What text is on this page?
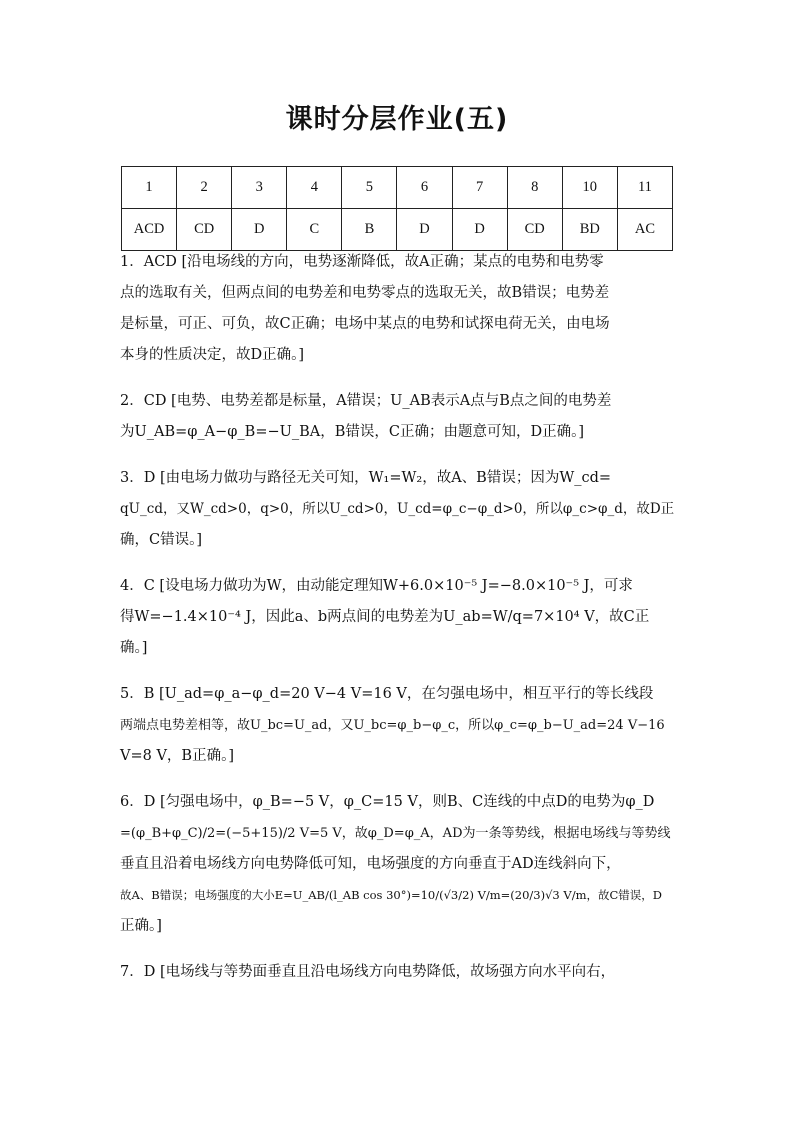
课时分层作业(五)
1	2	3	4	5	6	7	8	10	11
ACD	CD	D	C	B	D	D	CD	BD	AC
1．ACD [沿电场线的方向，电势逐渐降低，故A正确；某点的电势和电势零
点的选取有关，但两点间的电势差和电势零点的选取无关，故B错误；电势差
是标量，可正、可负，故C正确；电场中某点的电势和试探电荷无关，由电场
本身的性质决定，故D正确。]
2．CD [电势、电势差都是标量，A错误；U_AB表示A点与B点之间的电势差
为U_AB=φ_A−φ_B=−U_BA，B错误，C正确；由题意可知，D正确。]
3．D [由电场力做功与路径无关可知，W₁=W₂，故A、B错误；因为W_cd=
qU_cd，又W_cd>0，q>0，所以U_cd>0，U_cd=φ_c−φ_d>0，所以φ_c>φ_d，故D正
确，C错误。]
4．C [设电场力做功为W，由动能定理知W+6.0×10⁻⁵ J=−8.0×10⁻⁵ J，可求
得W=−1.4×10⁻⁴ J，因此a、b两点间的电势差为U_ab=W/q=7×10⁴ V，故C正
确。]
5．B [U_ad=φ_a−φ_d=20 V−4 V=16 V，在匀强电场中，相互平行的等长线段
两端点电势差相等，故U_bc=U_ad，又U_bc=φ_b−φ_c，所以φ_c=φ_b−U_ad=24 V−16
V=8 V，B正确。]
6．D [匀强电场中，φ_B=−5 V，φ_C=15 V，则B、C连线的中点D的电势为φ_D
=(φ_B+φ_C)/2=(−5+15)/2 V=5 V，故φ_D=φ_A，AD为一条等势线，根据电场线与等势线
垂直且沿着电场线方向电势降低可知，电场强度的方向垂直于AD连线斜向下，
故A、B错误；电场强度的大小E=U_AB/(l_AB cos 30°)=10/(√3/2) V/m=(20/3)√3 V/m，故C错误，D
正确。]
7．D [电场线与等势面垂直且沿电场线方向电势降低，故场强方向水平向右，
